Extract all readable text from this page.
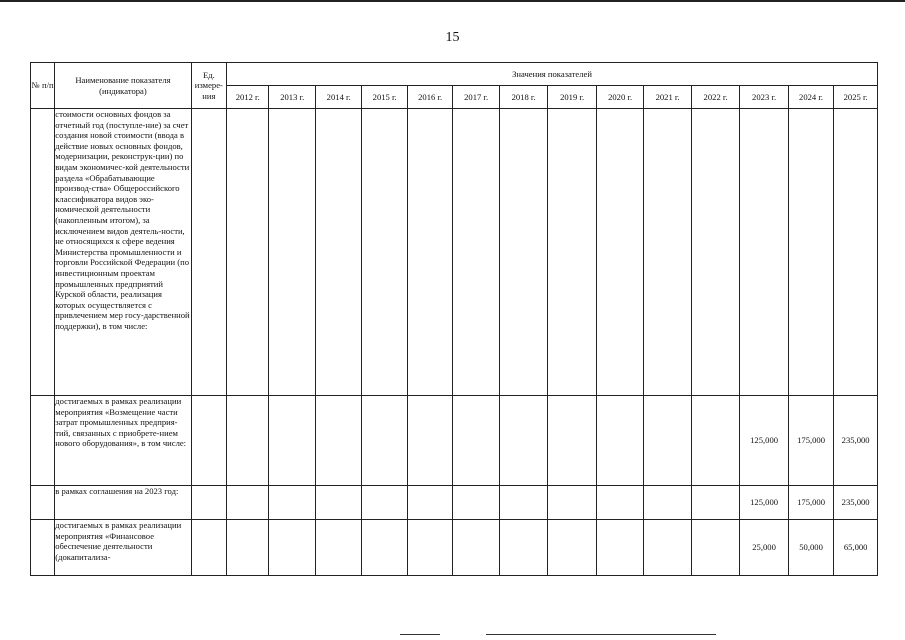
15
№ п/п	Наименование показателя (индикатора)	Ед. измере-ния	Значения показателей													
			2012 г.	2013 г.	2014 г.	2015 г.	2016 г.	2017 г.	2018 г.	2019 г.	2020 г.	2021 г.	2022 г.	2023 г.	2024 г.	2025 г.
	стоимости основных фондов за отчетный год (поступле-ние) за счет создания новой стоимости (ввода в действие новых основных фондов, модернизации, реконструк-ции) по видам экономичес-кой деятельности раздела «Обрабатывающие производ-ства» Общероссийского классификатора видов эко-номической деятельности (накопленным итогом), за исключением видов деятель-ности, не относящихся к сфере ведения Министерства промышленности и торговли Российской Федерации (по инвестиционным проектам промышленных предприятий Курской области, реализация которых осуществляется с привлечением мер госу-дарственной поддержки), в том числе:															
	достигаемых в рамках реализации мероприятия «Возмещение части затрат промышленных предприя-тий, связанных с приобрете-нием нового оборудования», в том числе:													125,000	175,000	235,000
	в рамках соглашения на 2023 год:													125,000	175,000	235,000
	достигаемых в рамках реализации мероприятия «Финансовое обеспечение деятельности (докапитализа-													25,000	50,000	65,000
